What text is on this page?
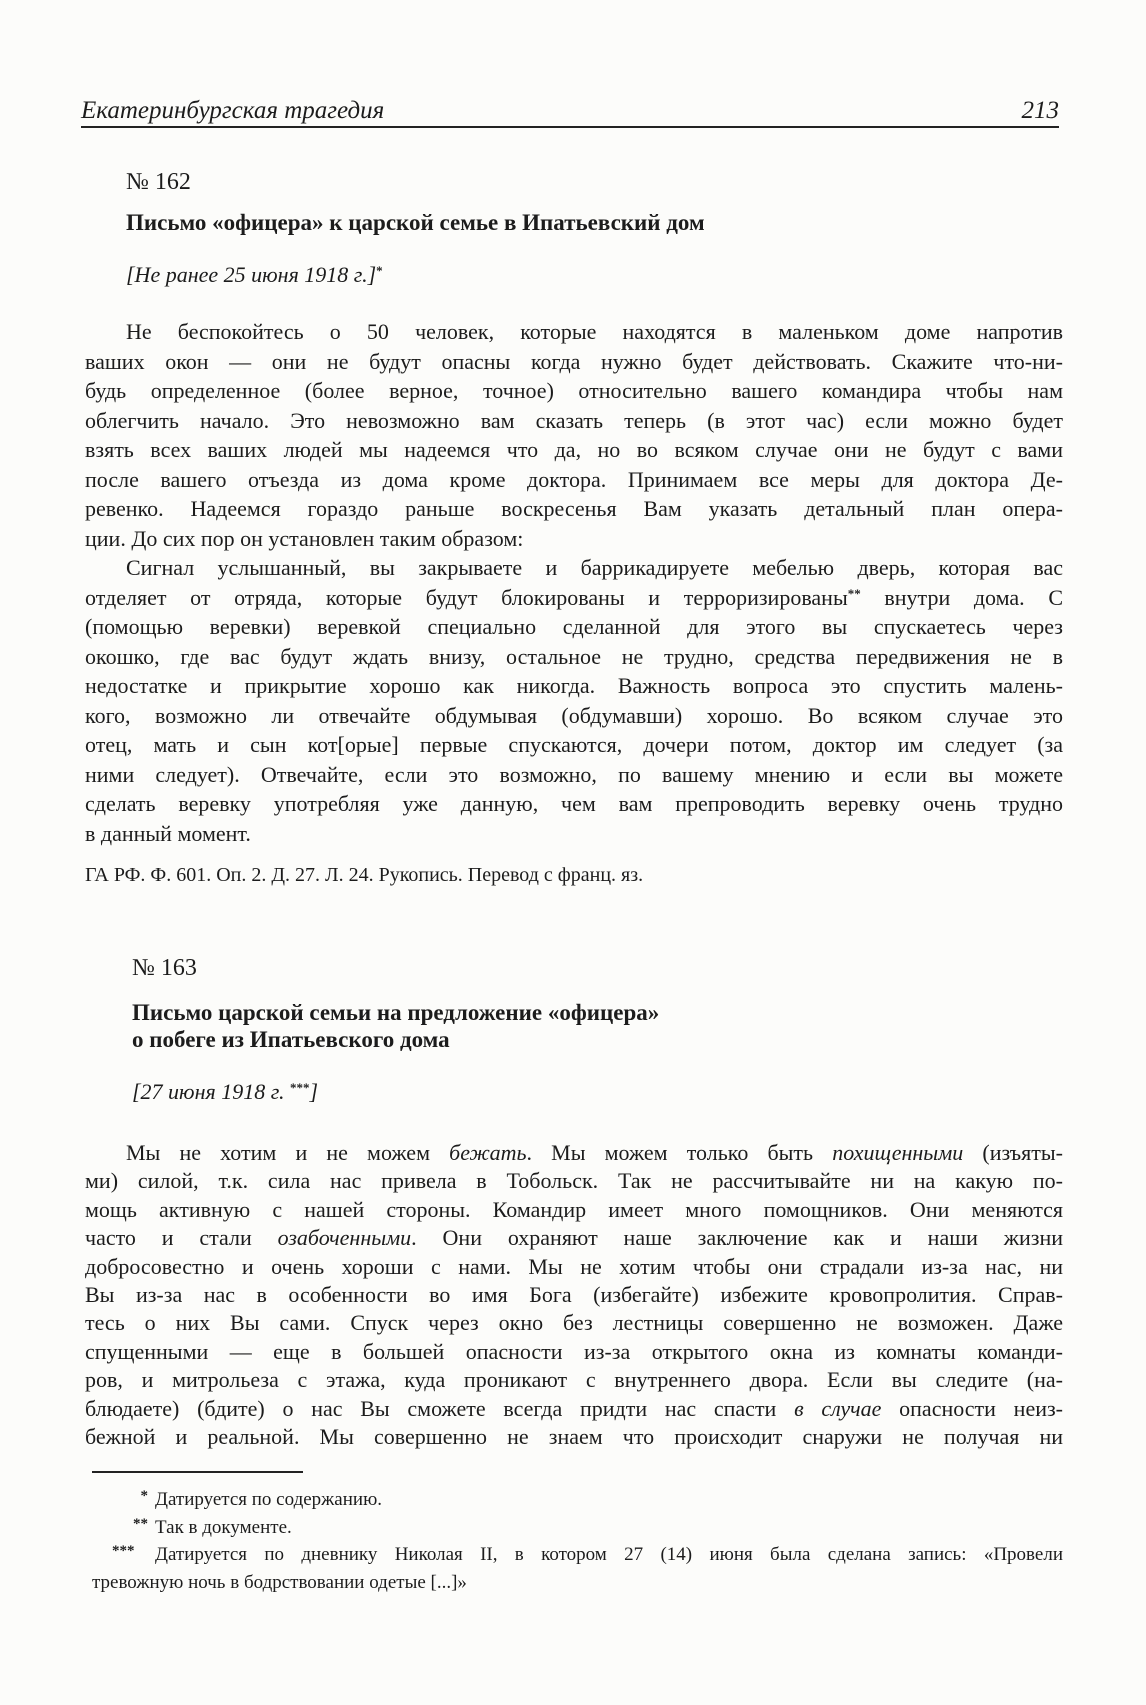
Екатеринбургская трагедия	213
№ 162
Письмо «офицера» к царской семье в Ипатьевский дом
[Не ранее 25 июня 1918 г.]*
Не беспокойтесь о 50 человек, которые находятся в маленьком доме напротив
ваших окон — они не будут опасны когда нужно будет действовать. Скажите что-ни-
будь определенное (более верное, точное) относительно вашего командира чтобы нам
облегчить начало. Это невозможно вам сказать теперь (в этот час) если можно будет
взять всех ваших людей мы надеемся что да, но во всяком случае они не будут с вами
после вашего отъезда из дома кроме доктора. Принимаем все меры для доктора Де-
ревенко. Надеемся гораздо раньше воскресенья Вам указать детальный план опера-
ции. До сих пор он установлен таким образом:
Сигнал услышанный, вы закрываете и баррикадируете мебелью дверь, которая вас
отделяет от отряда, которые будут блокированы и терроризированы** внутри дома. С
(помощью веревки) веревкой специально сделанной для этого вы спускаетесь через
окошко, где вас будут ждать внизу, остальное не трудно, средства передвижения не в
недостатке и прикрытие хорошо как никогда. Важность вопроса это спустить малень-
кого, возможно ли отвечайте обдумывая (обдумавши) хорошо. Во всяком случае это
отец, мать и сын кот[орые] первые спускаются, дочери потом, доктор им следует (за
ними следует). Отвечайте, если это возможно, по вашему мнению и если вы можете
сделать веревку употребляя уже данную, чем вам препроводить веревку очень трудно
в данный момент.
ГА РФ. Ф. 601. Оп. 2. Д. 27. Л. 24. Рукопись. Перевод с франц. яз.
№ 163
Письмо царской семьи на предложение «офицера»
о побеге из Ипатьевского дома
[27 июня 1918 г. ***]
Мы не хотим и не можем бежать. Мы можем только быть похищенными (изъяты-
ми) силой, т.к. сила нас привела в Тобольск. Так не рассчитывайте ни на какую по-
мощь активную с нашей стороны. Командир имеет много помощников. Они меняются
часто и стали озабоченными. Они охраняют наше заключение как и наши жизни
добросовестно и очень хороши с нами. Мы не хотим чтобы они страдали из-за нас, ни
Вы из-за нас в особенности во имя Бога (избегайте) избежите кровопролития. Справ-
тесь о них Вы сами. Спуск через окно без лестницы совершенно не возможен. Даже
спущенными — еще в большей опасности из-за открытого окна из комнаты команди-
ров, и митрольеза с этажа, куда проникают с внутреннего двора. Если вы следите (на-
блюдаете) (бдите) о нас Вы сможете всегда придти нас спасти в случае опасности неиз-
бежной и реальной. Мы совершенно не знаем что происходит снаружи не получая ни
* Датируется по содержанию.
** Так в документе.
***	Датируется по дневнику Николая II, в котором 27 (14) июня была сделана запись: «Провели
тревожную ночь в бодрствовании одетые [...]»
